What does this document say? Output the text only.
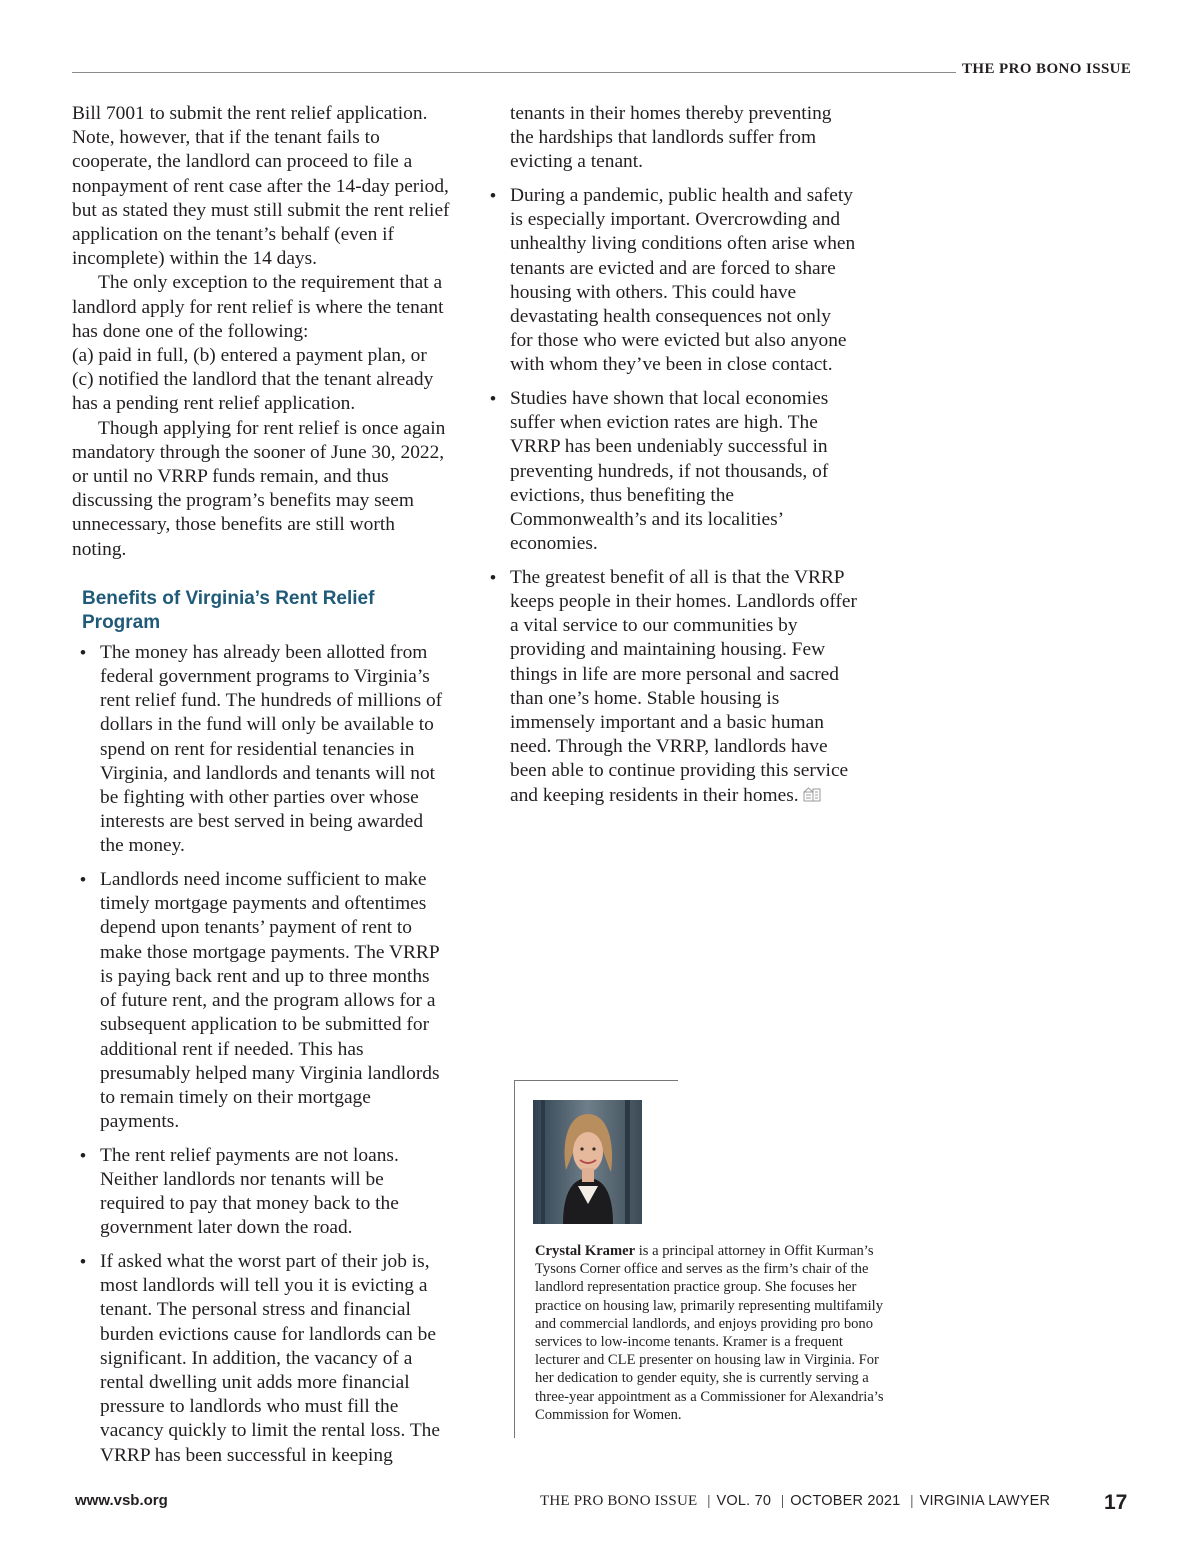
THE PRO BONO ISSUE

Bill 7001 to submit the rent relief application. Note, however, that if the tenant fails to cooperate, the landlord can proceed to file a nonpayment of rent case after the 14-day period, but as stated they must still submit the rent relief application on the tenant’s behalf (even if incomplete) within the 14 days.

The only exception to the requirement that a landlord apply for rent relief is where the tenant has done one of the following:

(a) paid in full, (b) entered a payment plan, or (c) notified the landlord that the tenant already has a pending rent relief application.

Though applying for rent relief is once again mandatory through the sooner of June 30, 2022, or until no VRRP funds remain, and thus discussing the program’s benefits may seem unnecessary, those benefits are still worth noting.

Benefits of Virginia’s Rent Relief Program
• The money has already been allotted from federal government programs to Virginia’s rent relief fund. The hundreds of millions of dollars in the fund will only be available to spend on rent for residential tenancies in Virginia, and landlords and tenants will not be fighting with other parties over whose interests are best served in being awarded the money.
• Landlords need income sufficient to make timely mortgage payments and oftentimes depend upon tenants’ payment of rent to make those mortgage payments. The VRRP is paying back rent and up to three months of future rent, and the program allows for a subsequent application to be submitted for additional rent if needed. This has presumably helped many Virginia landlords to remain timely on their mortgage payments.
• The rent relief payments are not loans. Neither landlords nor tenants will be required to pay that money back to the government later down the road.
• If asked what the worst part of their job is, most landlords will tell you it is evicting a tenant. The personal stress and financial burden evictions cause for landlords can be significant. In addition, the vacancy of a rental dwelling unit adds more financial pressure to landlords who must fill the vacancy quickly to limit the rental loss. The VRRP has been successful in keeping

tenants in their homes thereby preventing the hardships that landlords suffer from evicting a tenant.

• During a pandemic, public health and safety is especially important. Overcrowding and unhealthy living conditions often arise when tenants are evicted and are forced to share housing with others. This could have devastating health consequences not only for those who were evicted but also anyone with whom they’ve been in close contact.
• Studies have shown that local economies suffer when eviction rates are high. The VRRP has been undeniably successful in preventing hundreds, if not thousands, of evictions, thus benefiting the Commonwealth’s and its localities’ economies.
• The greatest benefit of all is that the VRRP keeps people in their homes. Landlords offer a vital service to our communities by providing and maintaining housing. Few things in life are more personal and sacred than one’s home. Stable housing is immensely important and a basic human need. Through the VRRP, landlords have been able to continue providing this service and keeping residents in their homes.
Crystal Kramer is a principal attorney in Offit Kurman’s Tysons Corner office and serves as the firm’s chair of the landlord representation practice group. She focuses her practice on housing law, primarily representing multifamily and commercial landlords, and enjoys providing pro bono services to low-income tenants. Kramer is a frequent lecturer and CLE presenter on housing law in Virginia. For her dedication to gender equity, she is currently serving a three-year appointment as a Commissioner for Alexandria’s Commission for Women.
www.vsb.org	THE PRO BONO ISSUE | VOL. 70 | OCTOBER 2021 | VIRGINIA LAWYER	17
